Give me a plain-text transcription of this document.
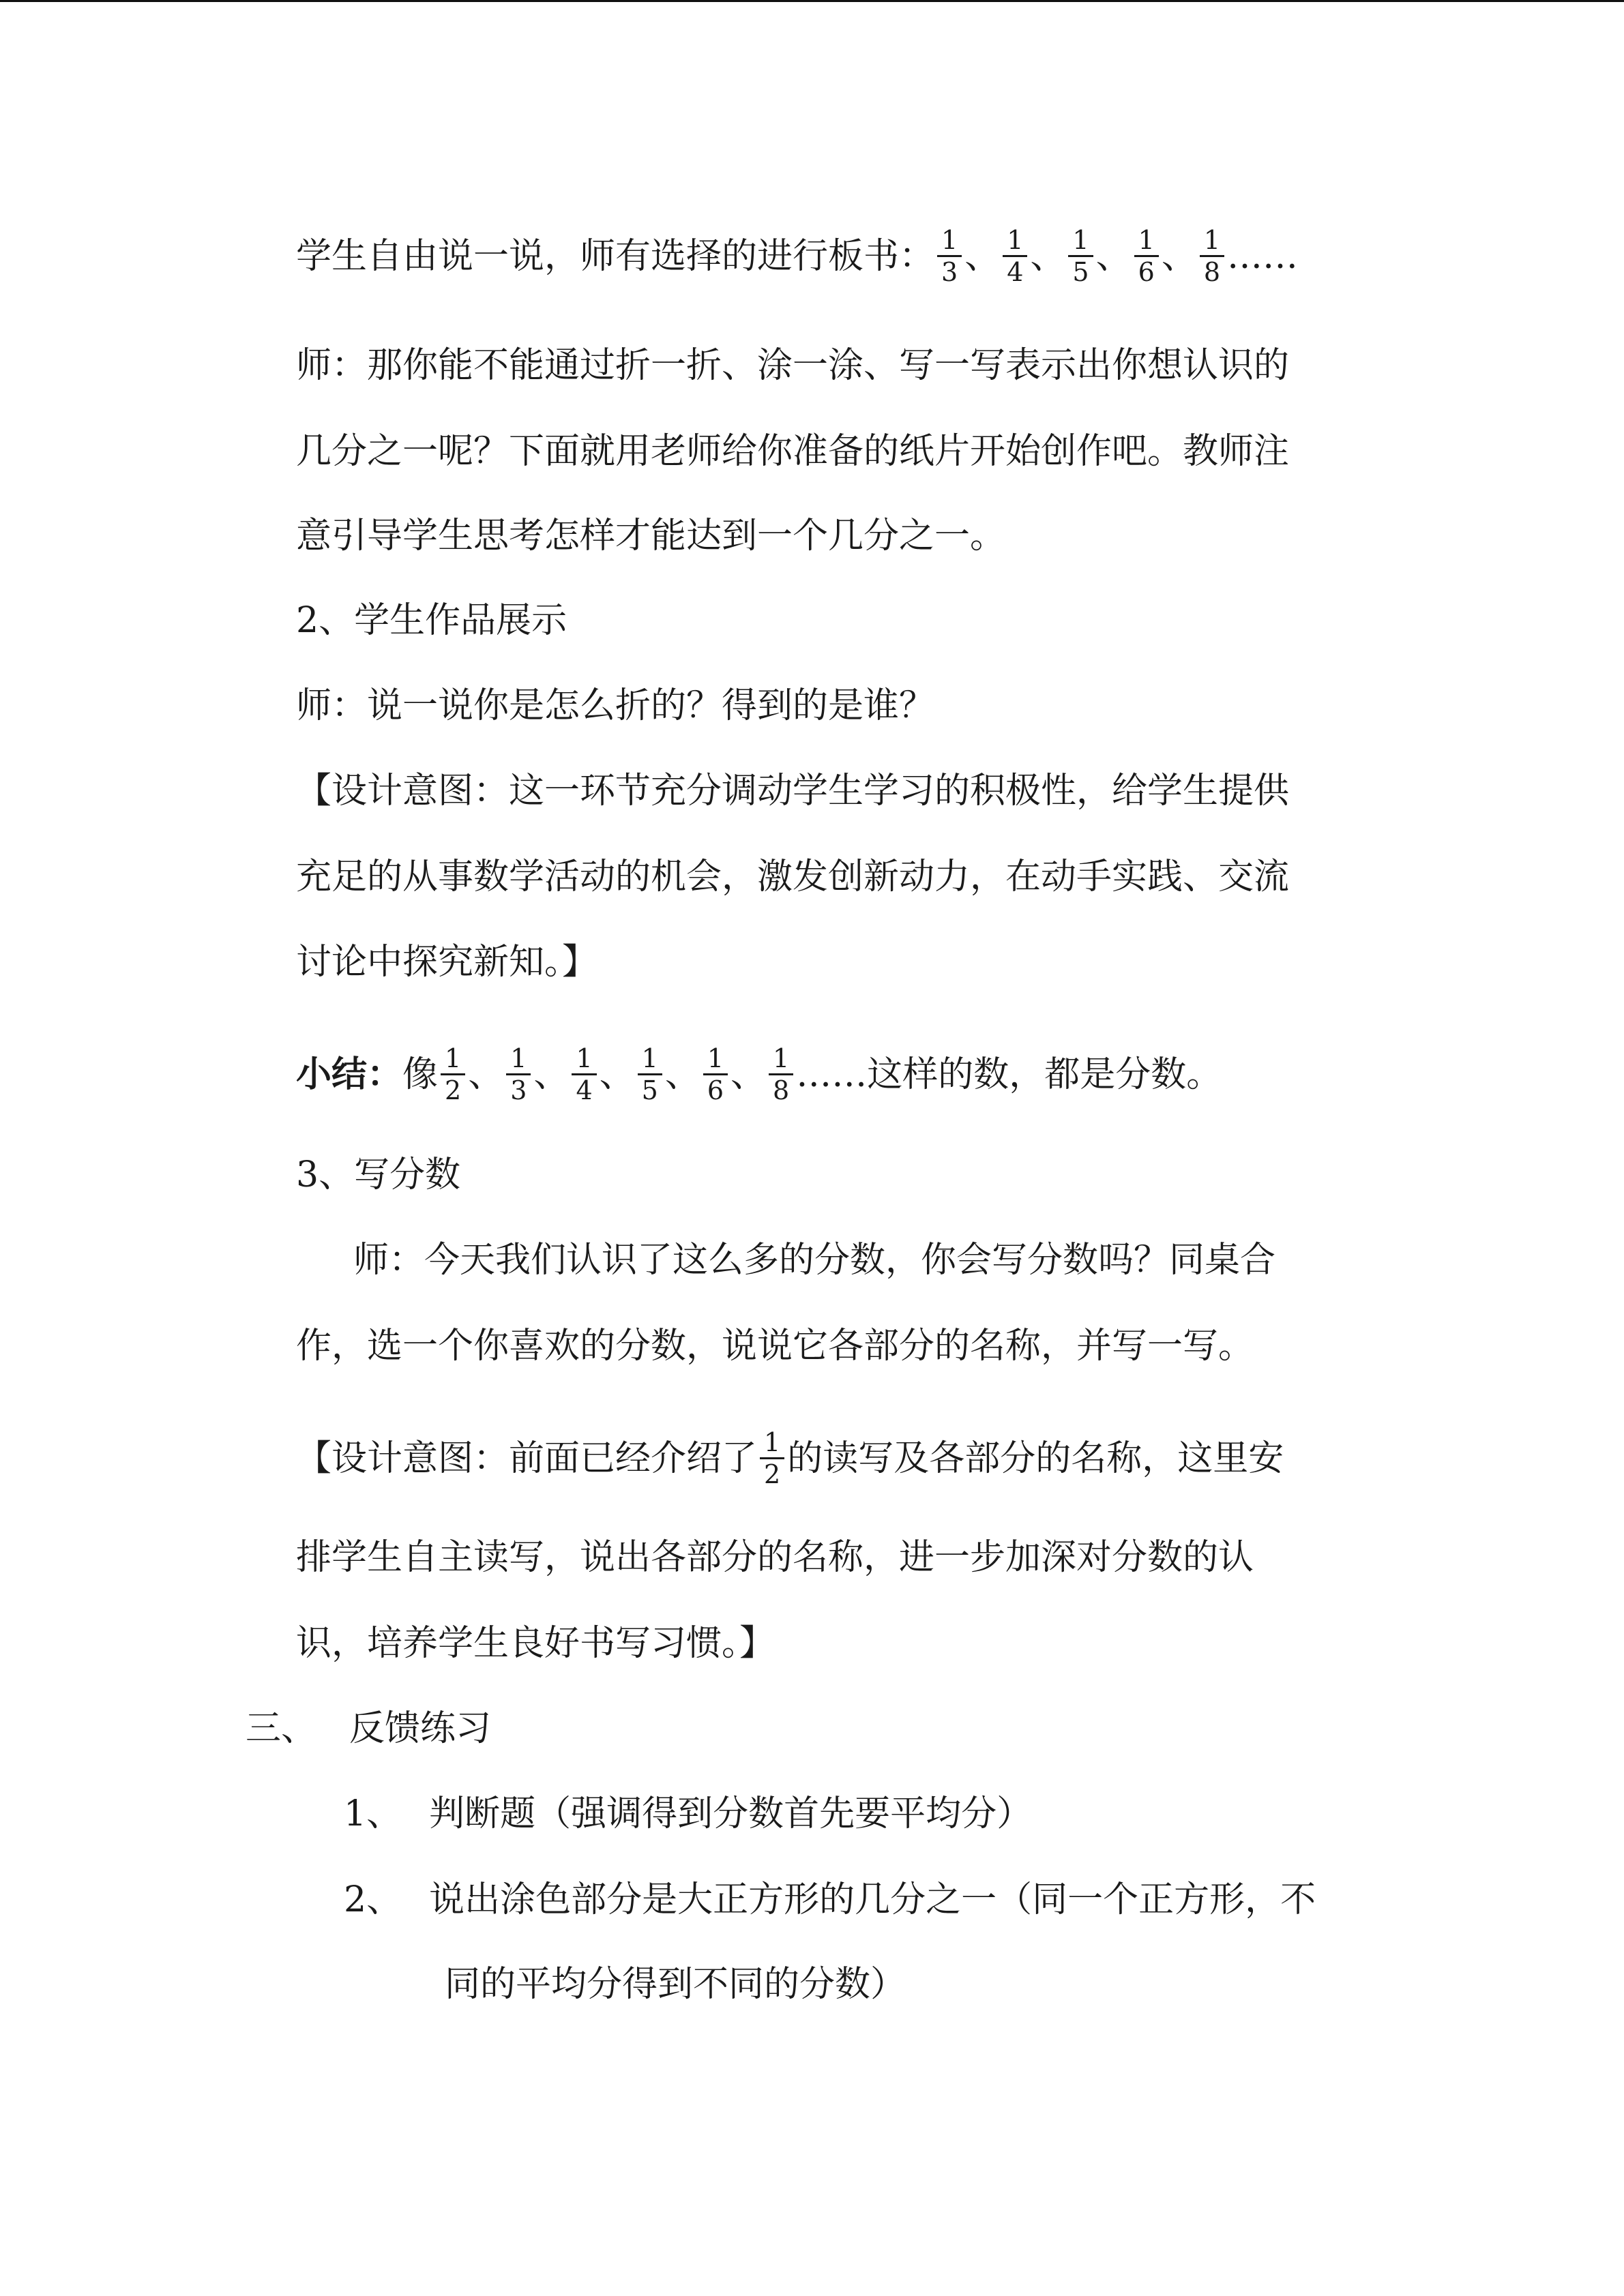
学生自由说一说，师有选择的进行板书： $\frac{1}{3}$ 、 $\frac{1}{4}$ 、 $\frac{1}{5}$ 、 $\frac{1}{6}$ 、 $\frac{1}{8}$ ……
师：那你能不能通过折一折、涂一涂、写一写表示出你想认识的
几分之一呢？下面就用老师给你准备的纸片开始创作吧。教师注
意引导学生思考怎样才能达到一个几分之一。
2、学生作品展示
师：说一说你是怎么折的？得到的是谁？
【设计意图：这一环节充分调动学生学习的积极性，给学生提供
充足的从事数学活动的机会，激发创新动力，在动手实践、交流
讨论中探究新知。】
小结：像 $\frac{1}{2}$ 、 $\frac{1}{3}$ 、 $\frac{1}{4}$ 、 $\frac{1}{5}$ 、 $\frac{1}{6}$ 、 $\frac{1}{8}$ ……这样的数，都是分数。
3、写分数
师：今天我们认识了这么多的分数，你会写分数吗？同桌合
作，选一个你喜欢的分数，说说它各部分的名称，并写一写。
【设计意图：前面已经介绍了 $\frac{1}{2}$ 的读写及各部分的名称，这里安
排学生自主读写，说出各部分的名称，进一步加深对分数的认
识，培养学生良好书写习惯。】
三、 反馈练习
1、 判断题（强调得到分数首先要平均分）
2、 说出涂色部分是大正方形的几分之一（同一个正方形，不
同的平均分得到不同的分数）
